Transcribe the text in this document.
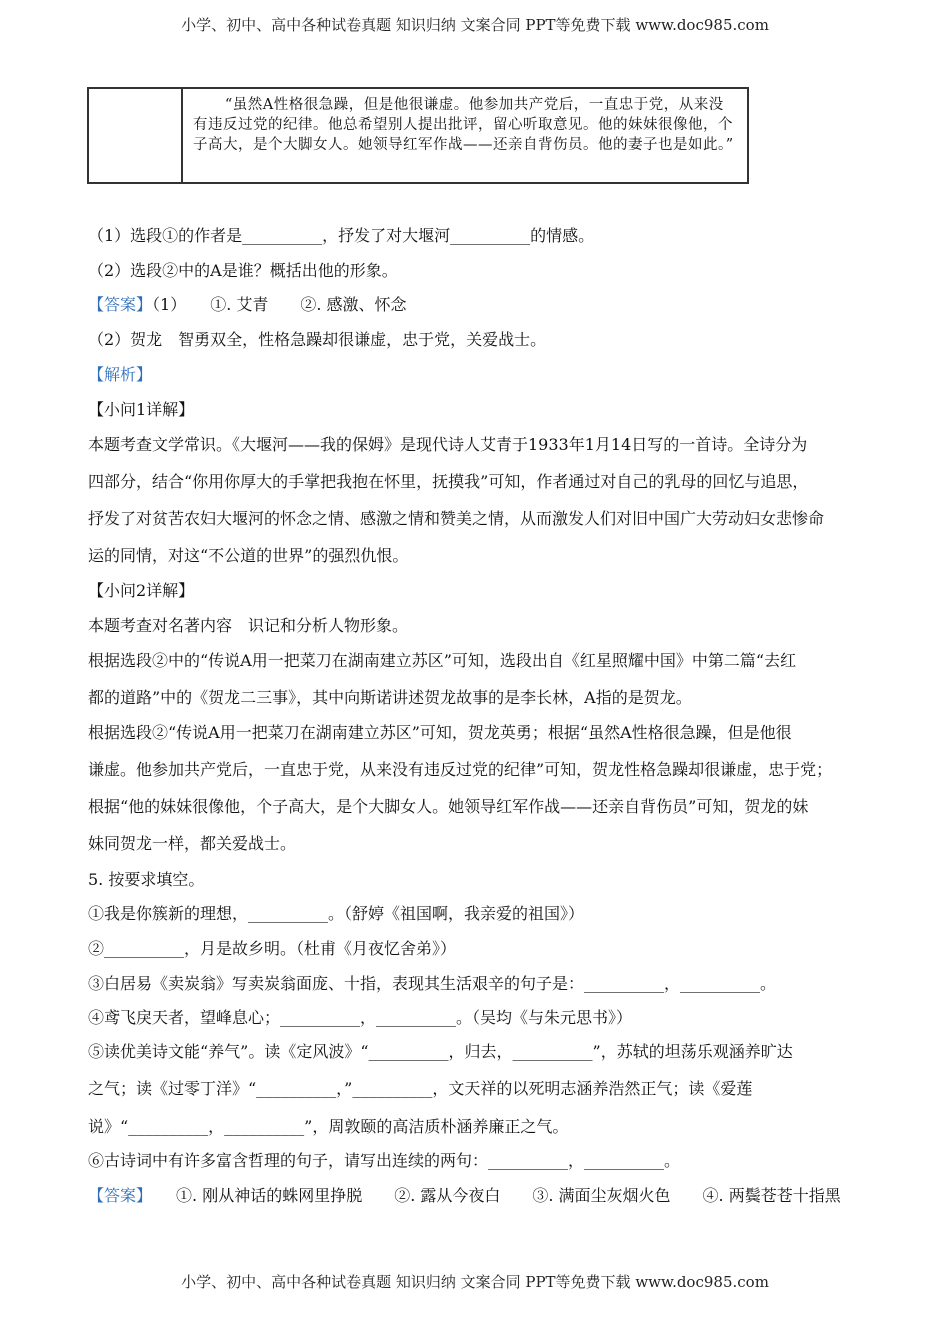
小学、初中、高中各种试卷真题 知识归纳 文案合同 PPT等免费下载 www.doc985.com
“虽然A性格很急躁，但是他很谦虚。他参加共产党后，一直忠于党，从来没有违反过党的纪律。他总希望别人提出批评，留心听取意见。他的妹妹很像他，个子高大，是个大脚女人。她领导红军作战——还亲自背伤员。他的妻子也是如此。”
（1）选段①的作者是__________，抒发了对大堰河__________的情感。
（2）选段②中的A是谁？概括出他的形象。
【答案】（1）　　①. 艾青　　②. 感激、怀念
（2）贺龙　智勇双全，性格急躁却很谦虚，忠于党，关爱战士。
【解析】
【小问1详解】
本题考查文学常识。《大堰河——我的保姆》是现代诗人艾青于1933年1月14日写的一首诗。全诗分为
四部分，结合“你用你厚大的手掌把我抱在怀里，抚摸我”可知，作者通过对自己的乳母的回忆与追思，
抒发了对贫苦农妇大堰河的怀念之情、感激之情和赞美之情，从而激发人们对旧中国广大劳动妇女悲惨命
运的同情，对这“不公道的世界”的强烈仇恨。
【小问2详解】
本题考查对名著内容　识记和分析人物形象。
根据选段②中的“传说A用一把菜刀在湖南建立苏区”可知，选段出自《红星照耀中国》中第二篇“去红
都的道路”中的《贺龙二三事》，其中向斯诺讲述贺龙故事的是李长林，A指的是贺龙。
根据选段②“传说A用一把菜刀在湖南建立苏区”可知，贺龙英勇；根据“虽然A性格很急躁，但是他很
谦虚。他参加共产党后，一直忠于党，从来没有违反过党的纪律”可知，贺龙性格急躁却很谦虚，忠于党；
根据“他的妹妹很像他，个子高大，是个大脚女人。她领导红军作战——还亲自背伤员”可知，贺龙的妹
妹同贺龙一样，都关爱战士。
5. 按要求填空。
①我是你簇新的理想，__________。（舒婷《祖国啊，我亲爱的祖国》）
②__________，月是故乡明。（杜甫《月夜忆舍弟》）
③白居易《卖炭翁》写卖炭翁面庞、十指，表现其生活艰辛的句子是：__________，__________。
④鸢飞戾天者，望峰息心；__________，__________。（吴均《与朱元思书》）
⑤读优美诗文能“养气”。读《定风波》“__________，归去，__________”，苏轼的坦荡乐观涵养旷达
之气；读《过零丁洋》“__________，”__________，文天祥的以死明志涵养浩然正气；读《爱莲
说》“__________，__________”，周敦颐的高洁质朴涵养廉正之气。
⑥古诗词中有许多富含哲理的句子，请写出连续的两句：__________，__________。
【答案】　　①. 刚从神话的蛛网里挣脱　　②. 露从今夜白　　③. 满面尘灰烟火色　　④. 两鬓苍苍十指黑
小学、初中、高中各种试卷真题 知识归纳 文案合同 PPT等免费下载 www.doc985.com
